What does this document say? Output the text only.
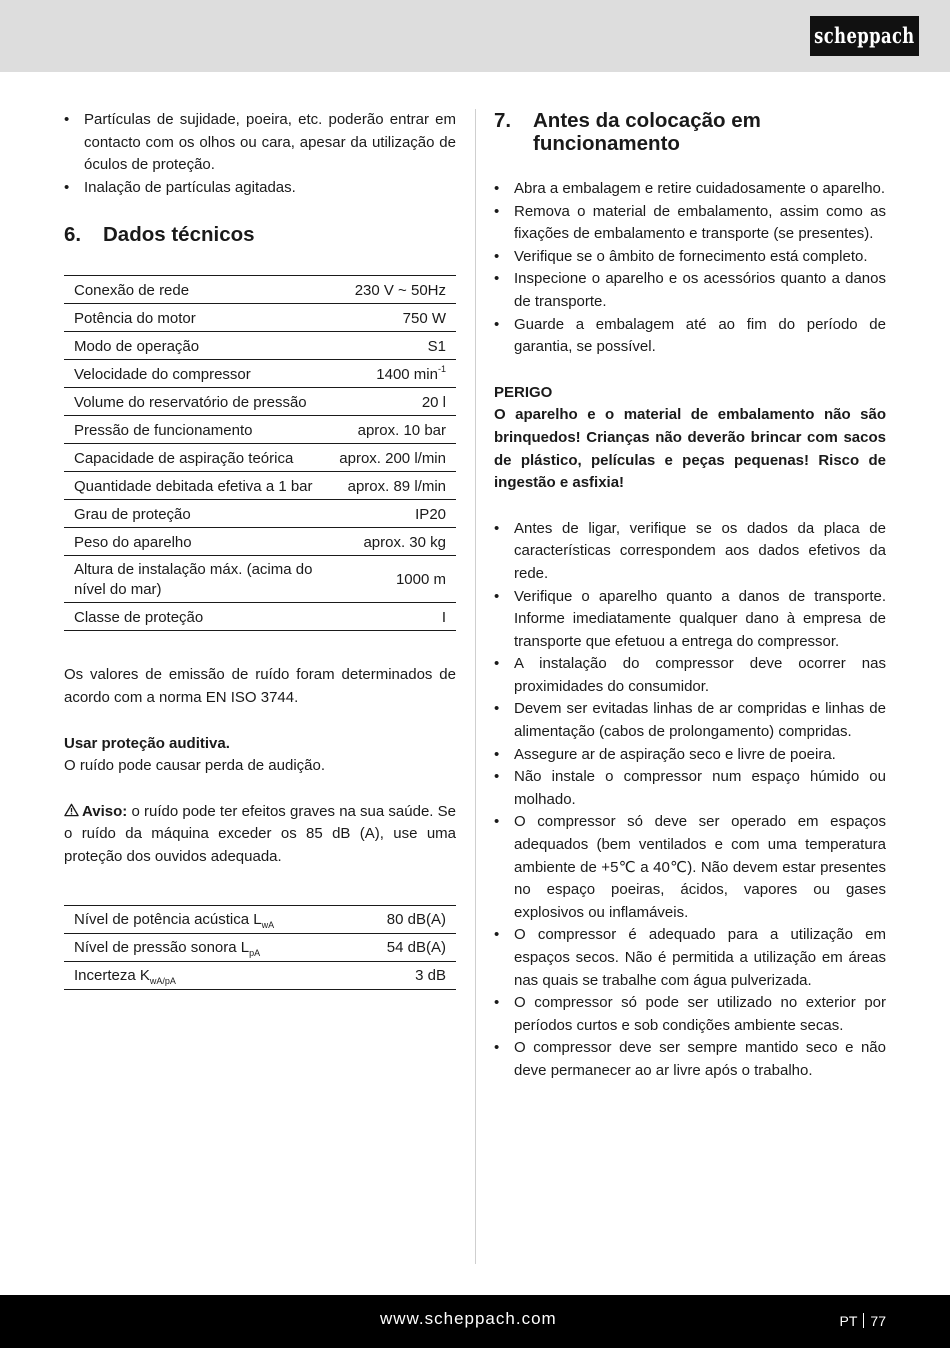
scheppach
• Partículas de sujidade, poeira, etc. poderão entrar em contacto com os olhos ou cara, apesar da utilização de óculos de proteção.
• Inalação de partículas agitadas.
6.	Dados técnicos
Conexão de rede	230 V ~ 50Hz
Potência do motor	750 W
Modo de operação	S1
Velocidade do compressor	1400 $\min^{-1}$
Volume do reservatório de pressão	20 l
Pressão de funcionamento	aprox. 10 bar
Capacidade de aspiração teórica	aprox. 200 l/min
Quantidade debitada efetiva a 1 bar	aprox. 89 l/min
Grau de proteção	IP20
Peso do aparelho	aprox. 30 kg
Altura de instalação máx. (acima do nível do mar)	1000 m
Classe de proteção	I

Os valores de emissão de ruído foram determinados de acordo com a norma EN ISO 3744.

Usar proteção auditiva.

O ruído pode causar perda de audição.

Aviso: o ruído pode ter efeitos graves na sua saúde. Se o ruído da máquina exceder os 85 dB (A), use uma proteção dos ouvidos adequada.

Nível de potência acústica $L_{wA}$	80 dB(A)
Nível de pressão sonora $L_{pA}$	54 dB(A)
Incerteza $K_{wA/pA}$	3 dB
7.	Antes da colocação em funcionamento
• Abra a embalagem e retire cuidadosamente o aparelho.
• Remova o material de embalamento, assim como as fixações de embalamento e transporte (se presentes).
• Verifique se o âmbito de fornecimento está completo.
• Inspecione o aparelho e os acessórios quanto a danos de transporte.
• Guarde a embalagem até ao fim do período de garantia, se possível.

PERIGO

O aparelho e o material de embalamento não são brinquedos! Crianças não deverão brincar com sacos de plástico, películas e peças pequenas! Risco de ingestão e asfixia!

• Antes de ligar, verifique se os dados da placa de características correspondem aos dados efetivos da rede.
• Verifique o aparelho quanto a danos de transporte. Informe imediatamente qualquer dano à empresa de transporte que efetuou a entrega do compressor.
• A instalação do compressor deve ocorrer nas proximidades do consumidor.
• Devem ser evitadas linhas de ar compridas e linhas de alimentação (cabos de prolongamento) compridas.
• Assegure ar de aspiração seco e livre de poeira.
• Não instale o compressor num espaço húmido ou molhado.
• O compressor só deve ser operado em espaços adequados (bem ventilados e com uma temperatura ambiente de +5℃ a 40℃). Não devem estar presentes no espaço poeiras, ácidos, vapores ou gases explosivos ou inflamáveis.
• O compressor é adequado para a utilização em espaços secos. Não é permitida a utilização em áreas nas quais se trabalhe com água pulverizada.
• O compressor só pode ser utilizado no exterior por períodos curtos e sob condições ambiente secas.
• O compressor deve ser sempre mantido seco e não deve permanecer ao ar livre após o trabalho.
www.scheppach.com	PT 77
